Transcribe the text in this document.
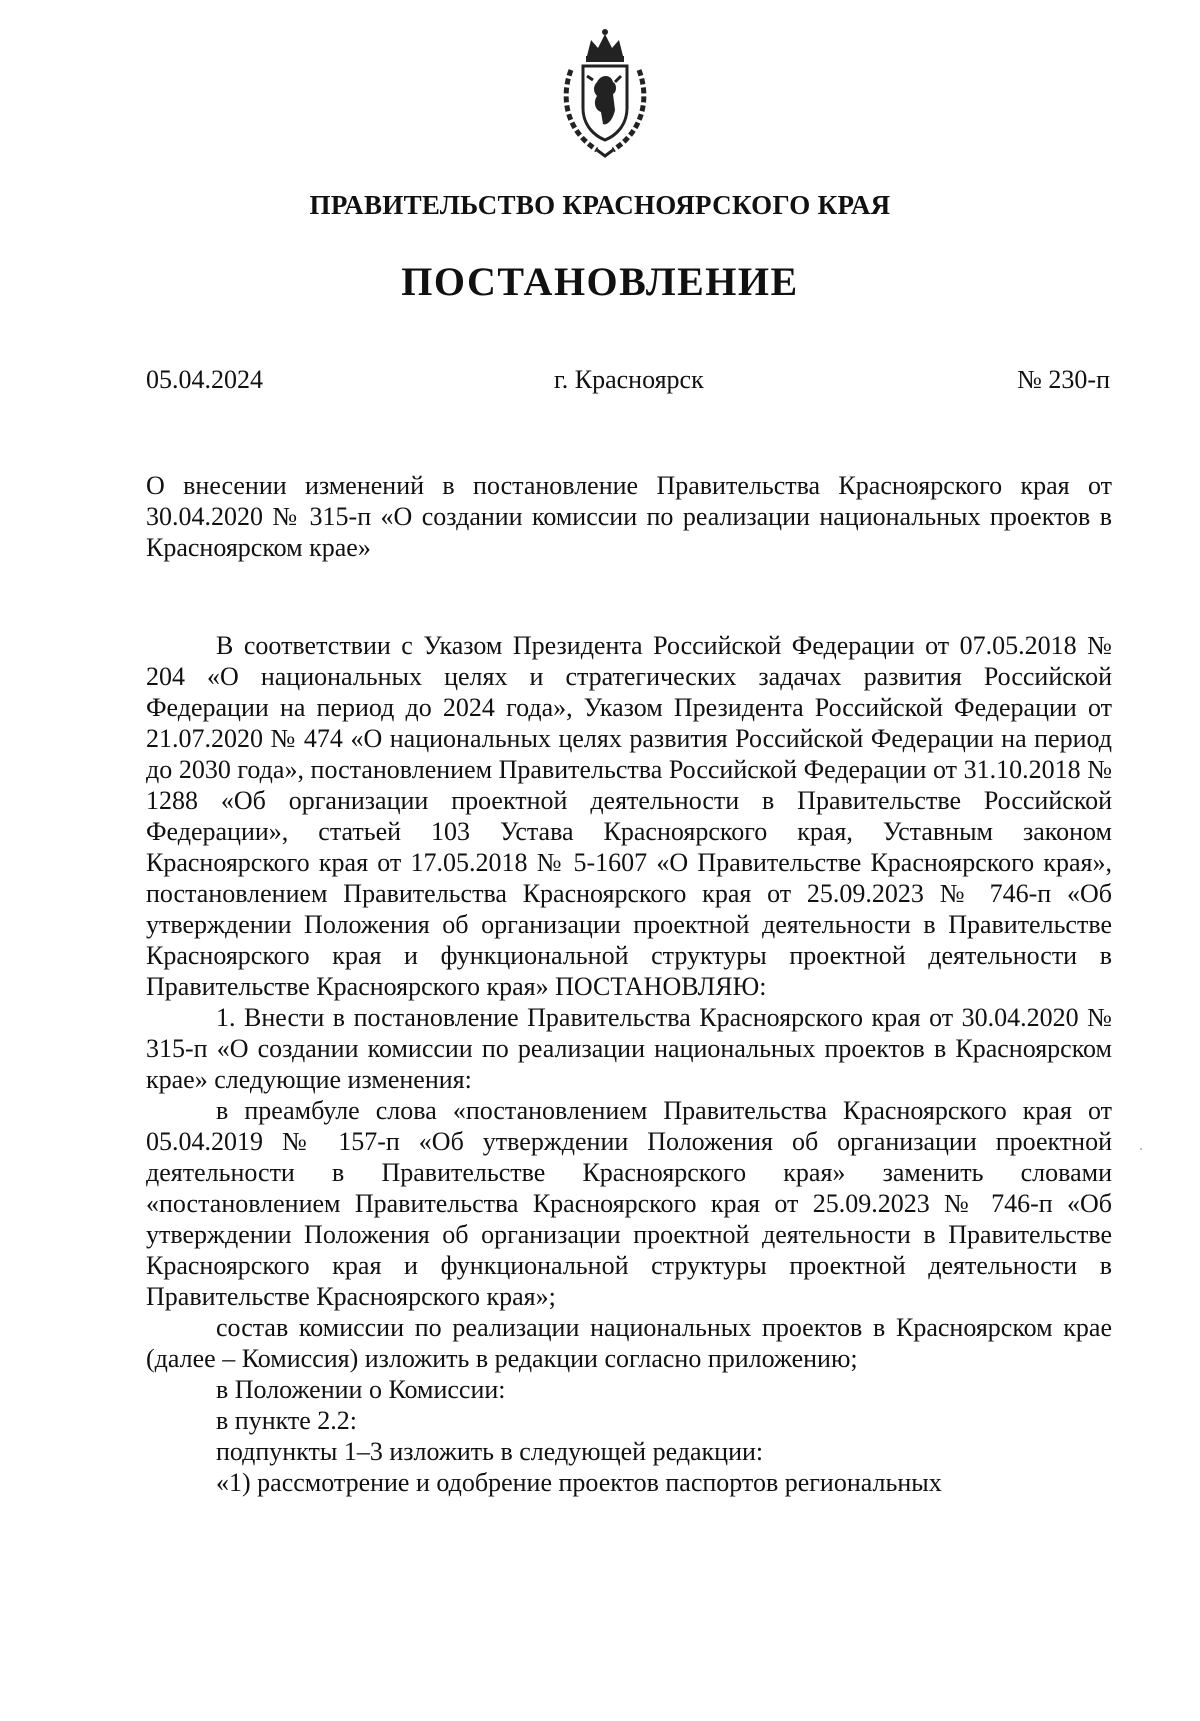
ПРАВИТЕЛЬСТВО КРАСНОЯРСКОГО КРАЯ
ПОСТАНОВЛЕНИЕ
05.04.2024	г. Красноярск	№ 230-п
О внесении изменений в постановление Правительства Красноярского края от 30.04.2020 № 315-п «О создании комиссии по реализации национальных проектов в Красноярском крае»

В соответствии с Указом Президента Российской Федерации от 07.05.2018 № 204 «О национальных целях и стратегических задачах развития Российской Федерации на период до 2024 года», Указом Президента Российской Федерации от 21.07.2020 № 474 «О национальных целях развития Российской Федерации на период до 2030 года», постановлением Правительства Российской Федерации от 31.10.2018 № 1288 «Об организации проектной деятельности в Правительстве Российской Федерации», статьей 103 Устава Красноярского края, Уставным законом Красноярского края от 17.05.2018 № 5-1607 «О Правительстве Красноярского края», постановлением Правительства Красноярского края от 25.09.2023 № 746-п «Об утверждении Положения об организации проектной деятельности в Правительстве Красноярского края и функциональной структуры проектной деятельности в Правительстве Красноярского края» ПОСТАНОВЛЯЮ:

1. Внести в постановление Правительства Красноярского края от 30.04.2020 № 315-п «О создании комиссии по реализации национальных проектов в Красноярском крае» следующие изменения:

в преамбуле слова «постановлением Правительства Красноярского края от 05.04.2019 № 157-п «Об утверждении Положения об организации проектной деятельности в Правительстве Красноярского края» заменить словами «постановлением Правительства Красноярского края от 25.09.2023 № 746-п «Об утверждении Положения об организации проектной деятельности в Правительстве Красноярского края и функциональной структуры проектной деятельности в Правительстве Красноярского края»;

состав комиссии по реализации национальных проектов в Красноярском крае (далее – Комиссия) изложить в редакции согласно приложению;

в Положении о Комиссии:

в пункте 2.2:

подпункты 1–3 изложить в следующей редакции:

«1) рассмотрение и одобрение проектов паспортов региональных
